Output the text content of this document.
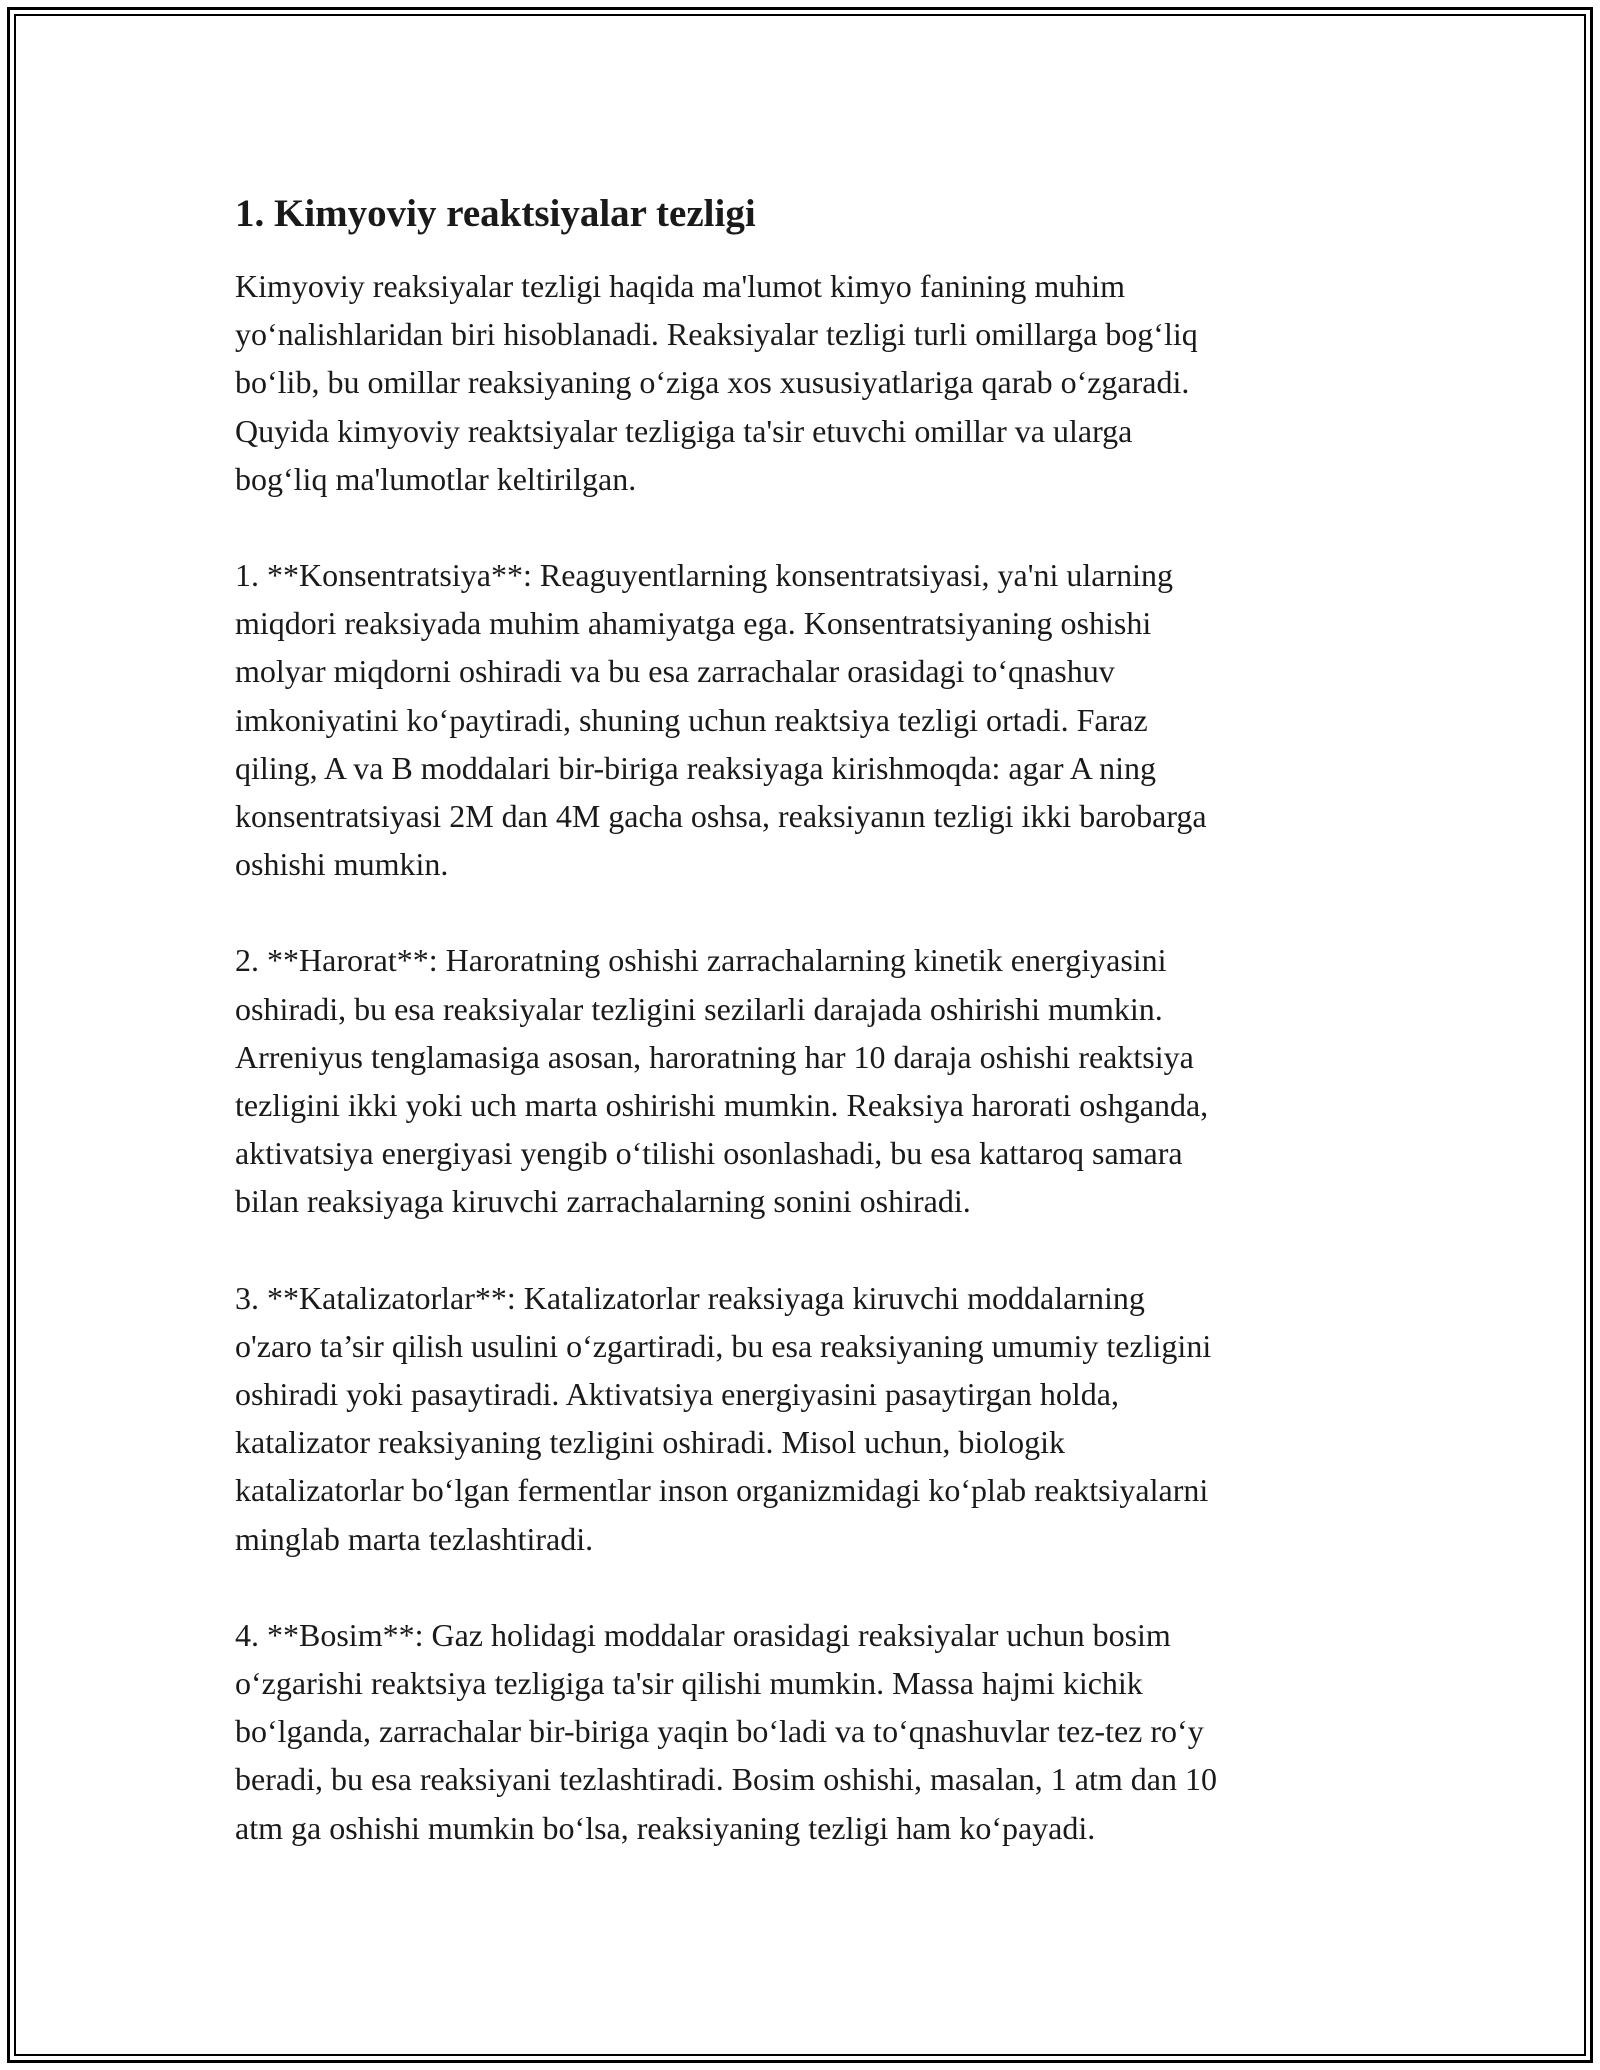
1. Kimyoviy reaktsiyalar tezligi

Kimyoviy reaksiyalar tezligi haqida ma'lumot kimyo fanining muhim
yoʻnalishlaridan biri hisoblanadi. Reaksiyalar tezligi turli omillarga bogʻliq
boʻlib, bu omillar reaksiyaning oʻziga xos xususiyatlariga qarab oʻzgaradi.
Quyida kimyoviy reaktsiyalar tezligiga ta'sir etuvchi omillar va ularga
bogʻliq ma'lumotlar keltirilgan.

1. **Konsentratsiya**: Reaguyentlarning konsentratsiyasi, ya'ni ularning
miqdori reaksiyada muhim ahamiyatga ega. Konsentratsiyaning oshishi
molyar miqdorni oshiradi va bu esa zarrachalar orasidagi toʻqnashuv
imkoniyatini koʻpaytiradi, shuning uchun reaktsiya tezligi ortadi. Faraz
qiling, A va B moddalari bir-biriga reaksiyaga kirishmoqda: agar A ning
konsentratsiyasi 2M dan 4M gacha oshsa, reaksiyanın tezligi ikki barobarga
oshishi mumkin.

2. **Harorat**: Haroratning oshishi zarrachalarning kinetik energiyasini
oshiradi, bu esa reaksiyalar tezligini sezilarli darajada oshirishi mumkin.
Arreniyus tenglamasiga asosan, haroratning har 10 daraja oshishi reaktsiya
tezligini ikki yoki uch marta oshirishi mumkin. Reaksiya harorati oshganda,
aktivatsiya energiyasi yengib oʻtilishi osonlashadi, bu esa kattaroq samara
bilan reaksiyaga kiruvchi zarrachalarning sonini oshiradi.

3. **Katalizatorlar**: Katalizatorlar reaksiyaga kiruvchi moddalarning
o'zaro ta’sir qilish usulini oʻzgartiradi, bu esa reaksiyaning umumiy tezligini
oshiradi yoki pasaytiradi. Aktivatsiya energiyasini pasaytirgan holda,
katalizator reaksiyaning tezligini oshiradi. Misol uchun, biologik
katalizatorlar boʻlgan fermentlar inson organizmidagi koʻplab reaktsiyalarni
minglab marta tezlashtiradi.

4. **Bosim**: Gaz holidagi moddalar orasidagi reaksiyalar uchun bosim
oʻzgarishi reaktsiya tezligiga ta'sir qilishi mumkin. Massa hajmi kichik
boʻlganda, zarrachalar bir-biriga yaqin boʻladi va toʻqnashuvlar tez-tez roʻy
beradi, bu esa reaksiyani tezlashtiradi. Bosim oshishi, masalan, 1 atm dan 10
atm ga oshishi mumkin boʻlsa, reaksiyaning tezligi ham koʻpayadi.
